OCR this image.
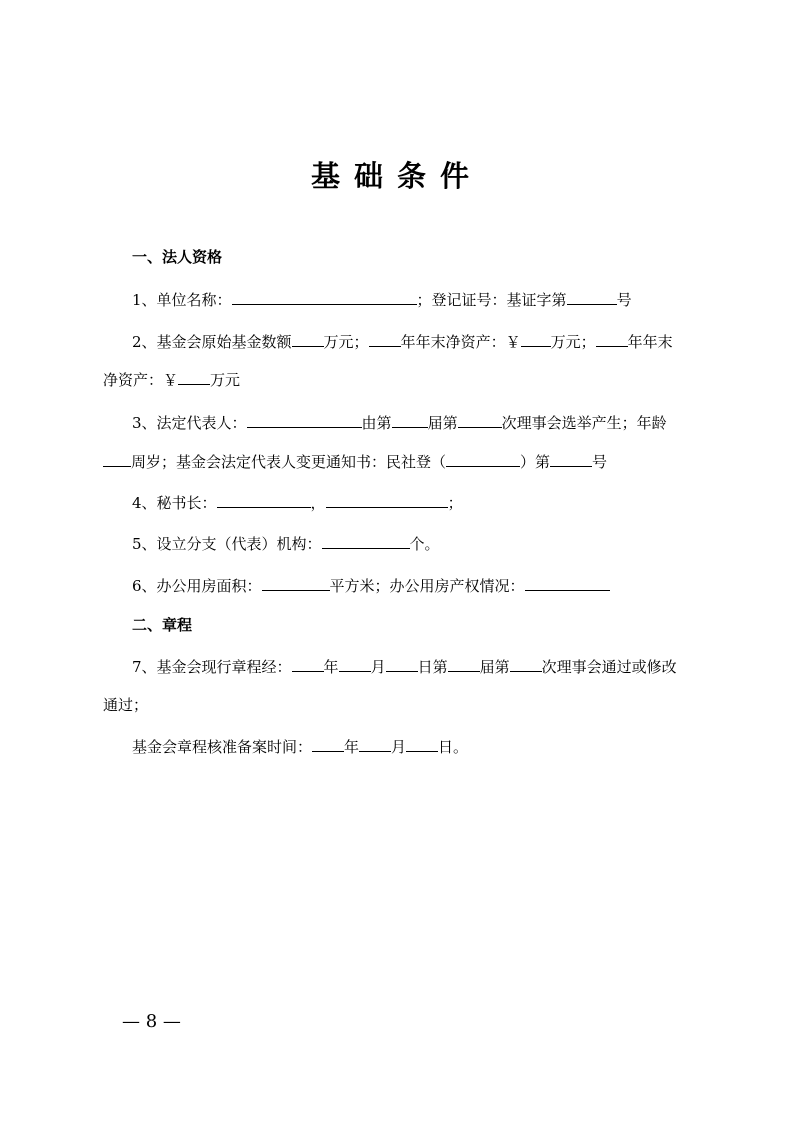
基础条件

一、法人资格

1、单位名称：	；登记证号：基证字第	号

2、基金会原始基金数额 万元； 年年末净资产：￥ 万元； 年年末

净资产：￥ 万元

3、法定代表人：	由第 届第	次理事会选举产生；年龄

周岁；基金会法定代表人变更通知书：民社登（	）第	号

4、秘书长：	，	；

5、设立分支（代表）机构：	个。

6、办公用房面积：	平方米；办公用房产权情况：

二、章程

7、基金会现行章程经： 年 月 日第 届第 次理事会通过或修改

通过；

基金会章程核准备案时间： 年 月 日。

— 8 —
